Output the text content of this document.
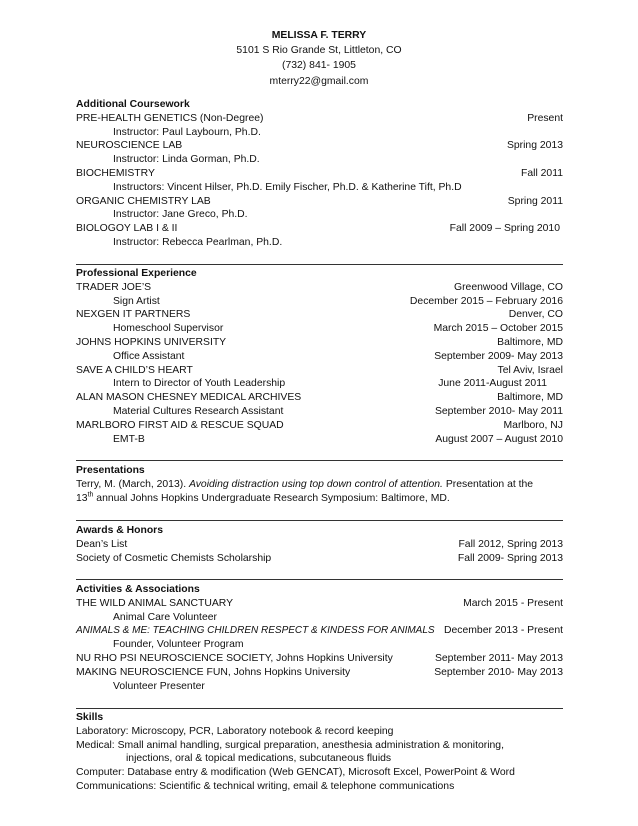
MELISSA F. TERRY
5101 S Rio Grande St, Littleton, CO
(732) 841- 1905
mterry22@gmail.com
Additional Coursework
PRE-HEALTH GENETICS (Non-Degree)	Present
Instructor: Paul Laybourn, Ph.D.
NEUROSCIENCE LAB	Spring 2013
Instructor: Linda Gorman, Ph.D.
BIOCHEMISTRY	Fall 2011
Instructors: Vincent Hilser, Ph.D. Emily Fischer, Ph.D. & Katherine Tift, Ph.D
ORGANIC CHEMISTRY LAB	Spring 2011
Instructor: Jane Greco, Ph.D.
BIOLOGOY LAB I & II	Fall 2009 – Spring 2010
Instructor: Rebecca Pearlman, Ph.D.
Professional Experience
TRADER JOE’S	Greenwood Village, CO
Sign Artist	December 2015 – February 2016
NEXGEN IT PARTNERS	Denver, CO
Homeschool Supervisor	March 2015 – October 2015
JOHNS HOPKINS UNIVERSITY	Baltimore, MD
Office Assistant	September 2009- May 2013
SAVE A CHILD’S HEART	Tel Aviv, Israel
Intern to Director of Youth Leadership	June 2011-August 2011
ALAN MASON CHESNEY MEDICAL ARCHIVES	Baltimore, MD
Material Cultures Research Assistant	September 2010- May 2011
MARLBORO FIRST AID & RESCUE SQUAD	Marlboro, NJ
EMT-B	August 2007 – August 2010
Presentations
Terry, M. (March, 2013). Avoiding distraction using top down control of attention. Presentation at the
13th annual Johns Hopkins Undergraduate Research Symposium: Baltimore, MD.
Awards & Honors
Dean’s List	Fall 2012, Spring 2013
Society of Cosmetic Chemists Scholarship	Fall 2009- Spring 2013
Activities & Associations
THE WILD ANIMAL SANCTUARY	March 2015 - Present
Animal Care Volunteer
ANIMALS & ME: TEACHING CHILDREN RESPECT & KINDESS FOR ANIMALS December 2013 - Present
Founder, Volunteer Program
NU RHO PSI NEUROSCIENCE SOCIETY, Johns Hopkins University	September 2011- May 2013
MAKING NEUROSCIENCE FUN, Johns Hopkins University	September 2010- May 2013
Volunteer Presenter
Skills
Laboratory: Microscopy, PCR, Laboratory notebook & record keeping
Medical: Small animal handling, surgical preparation, anesthesia administration & monitoring,
injections, oral & topical medications, subcutaneous fluids
Computer: Database entry & modification (Web GENCAT), Microsoft Excel, PowerPoint & Word
Communications: Scientific & technical writing, email & telephone communications
